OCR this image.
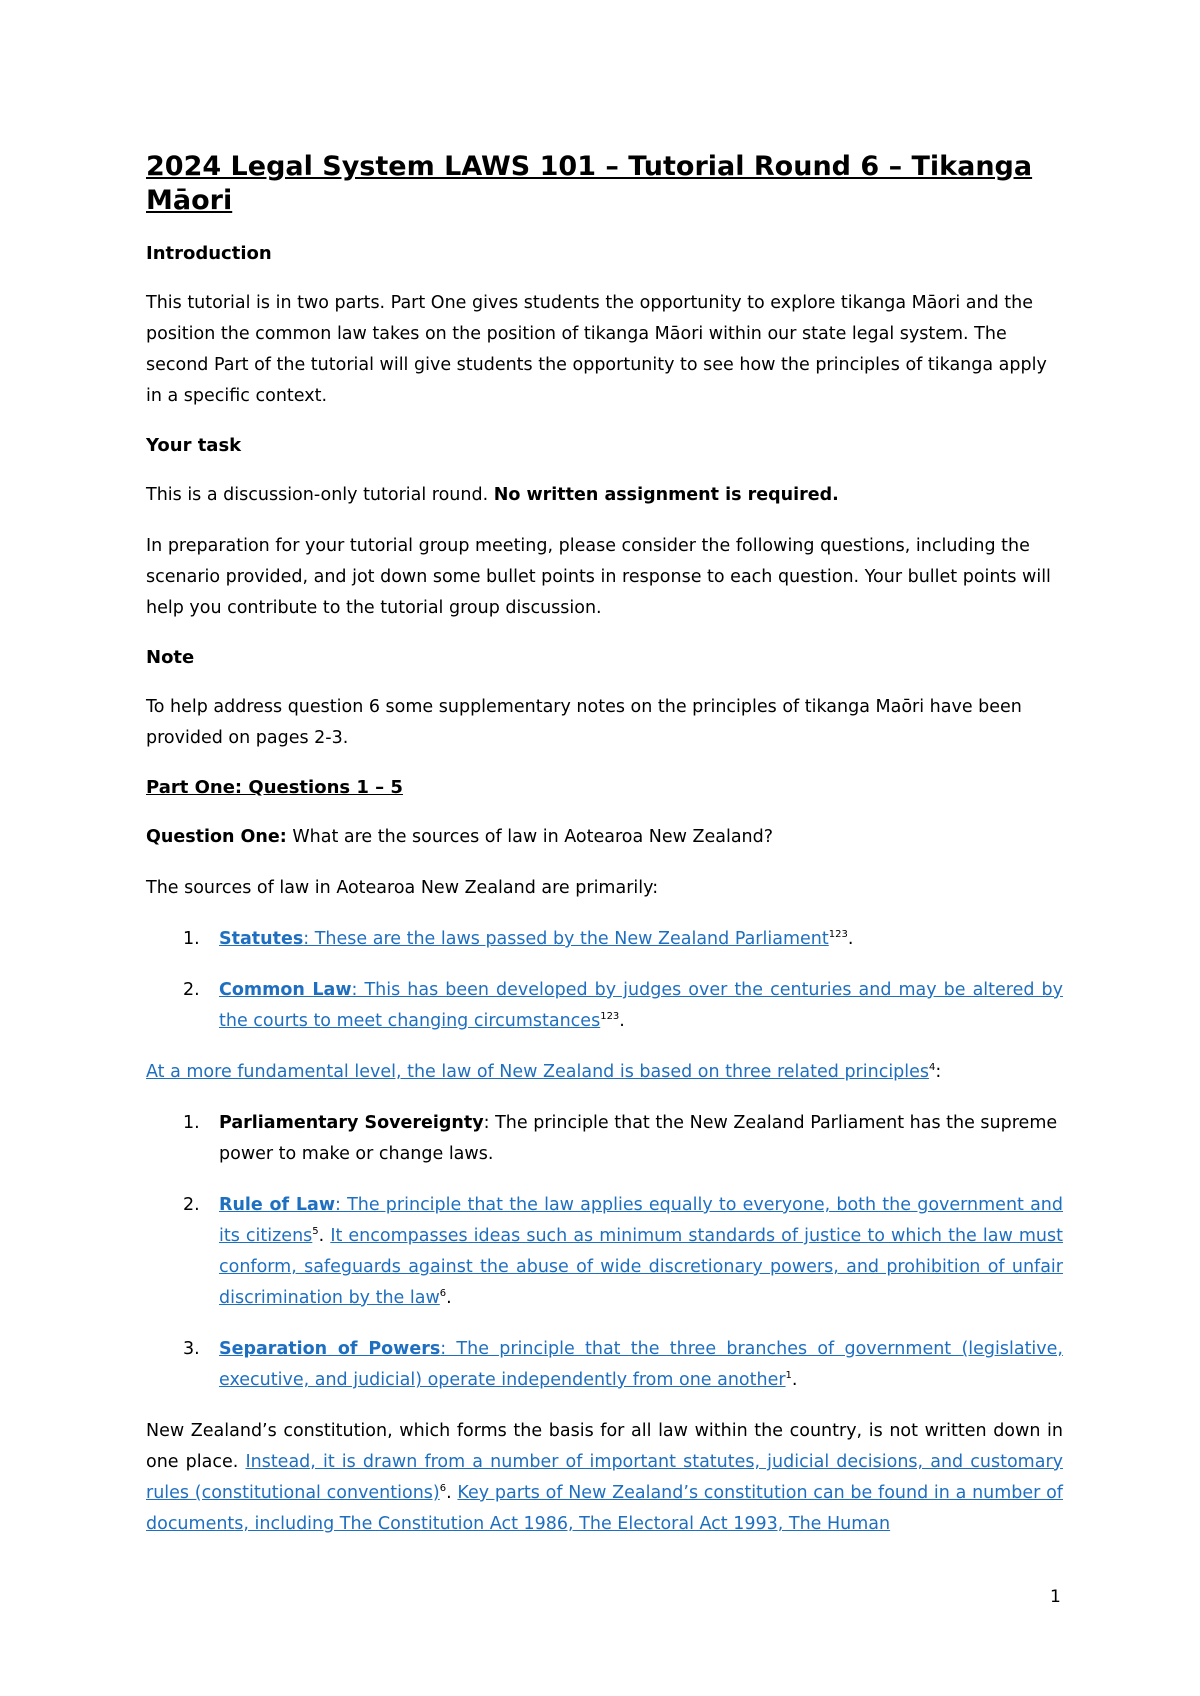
2024 Legal System LAWS 101 – Tutorial Round 6 – Tikanga Māori
Introduction

This tutorial is in two parts. Part One gives students the opportunity to explore tikanga Māori and the position the common law takes on the position of tikanga Māori within our state legal system. The second Part of the tutorial will give students the opportunity to see how the principles of tikanga apply in a specific context.

Your task

This is a discussion-only tutorial round. No written assignment is required.

In preparation for your tutorial group meeting, please consider the following questions, including the scenario provided, and jot down some bullet points in response to each question. Your bullet points will help you contribute to the tutorial group discussion.

Note

To help address question 6 some supplementary notes on the principles of tikanga Maōri have been provided on pages 2-3.

Part One: Questions 1 – 5

Question One: What are the sources of law in Aotearoa New Zealand?

The sources of law in Aotearoa New Zealand are primarily:

1. Statutes: These are the laws passed by the New Zealand Parliament$^{123}$.
2. Common Law: This has been developed by judges over the centuries and may be altered by the courts to meet changing circumstances$^{123}$.

At a more fundamental level, the law of New Zealand is based on three related principles$^4$:

1. Parliamentary Sovereignty: The principle that the New Zealand Parliament has the supreme power to make or change laws.
2. Rule of Law: The principle that the law applies equally to everyone, both the government and its citizens$^5$. It encompasses ideas such as minimum standards of justice to which the law must conform, safeguards against the abuse of wide discretionary powers, and prohibition of unfair discrimination by the law$^6$.
3. Separation of Powers: The principle that the three branches of government (legislative, executive, and judicial) operate independently from one another$^1$.

New Zealand’s constitution, which forms the basis for all law within the country, is not written down in one place. Instead, it is drawn from a number of important statutes, judicial decisions, and customary rules (constitutional conventions)$^6$. Key parts of New Zealand’s constitution can be found in a number of documents, including The Constitution Act 1986, The Electoral Act 1993, The Human

1
